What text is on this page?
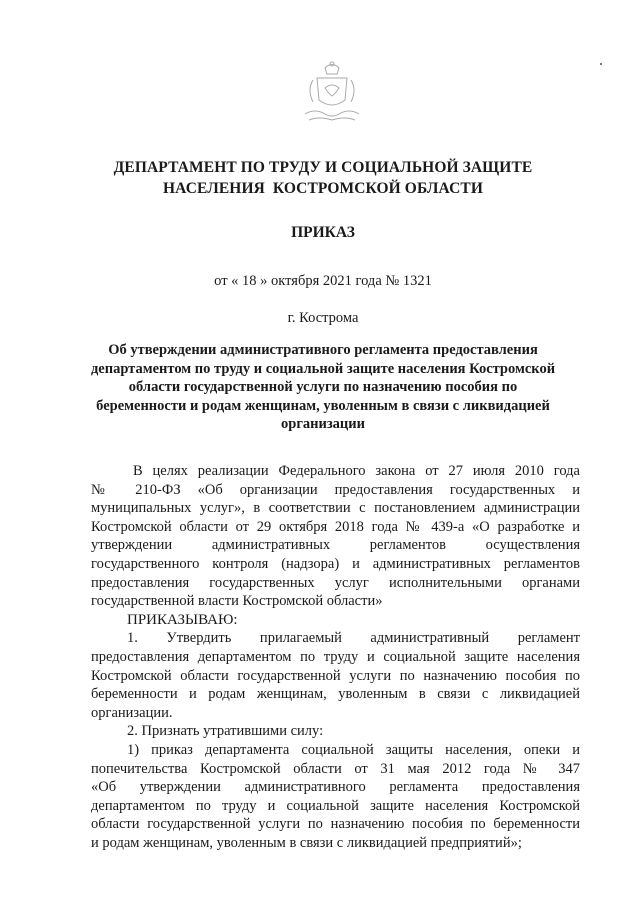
ДЕПАРТАМЕНТ ПО ТРУДУ И СОЦИАЛЬНОЙ ЗАЩИТЕ
НАСЕЛЕНИЯ  КОСТРОМСКОЙ ОБЛАСТИ
ПРИКАЗ
от « 18 » октября 2021 года № 1321
г. Кострома
Об утверждении административного регламента предоставления
департаментом по труду и социальной защите населения Костромской
области государственной услуги по назначению пособия по
беременности и родам женщинам, уволенным в связи с ликвидацией
организации
В целях реализации Федерального закона от 27 июля 2010 года
№ 210-ФЗ «Об организации предоставления государственных и
муниципальных услуг», в соответствии с постановлением администрации
Костромской области от 29 октября 2018 года № 439-а «О разработке и
утверждении административных регламентов осуществления
государственного контроля (надзора) и административных регламентов
предоставления государственных услуг исполнительными органами
государственной власти Костромской области»
ПРИКАЗЫВАЮ:
1. Утвердить прилагаемый административный регламент
предоставления департаментом по труду и социальной защите населения
Костромской области государственной услуги по назначению пособия по
беременности и родам женщинам, уволенным в связи с ликвидацией
организации.
2. Признать утратившими силу:
1) приказ департамента социальной защиты населения, опеки и
попечительства Костромской области от 31 мая 2012 года № 347
«Об утверждении административного регламента предоставления
департаментом по труду и социальной защите населения Костромской
области государственной услуги по назначению пособия по беременности
и родам женщинам, уволенным в связи с ликвидацией предприятий»;
